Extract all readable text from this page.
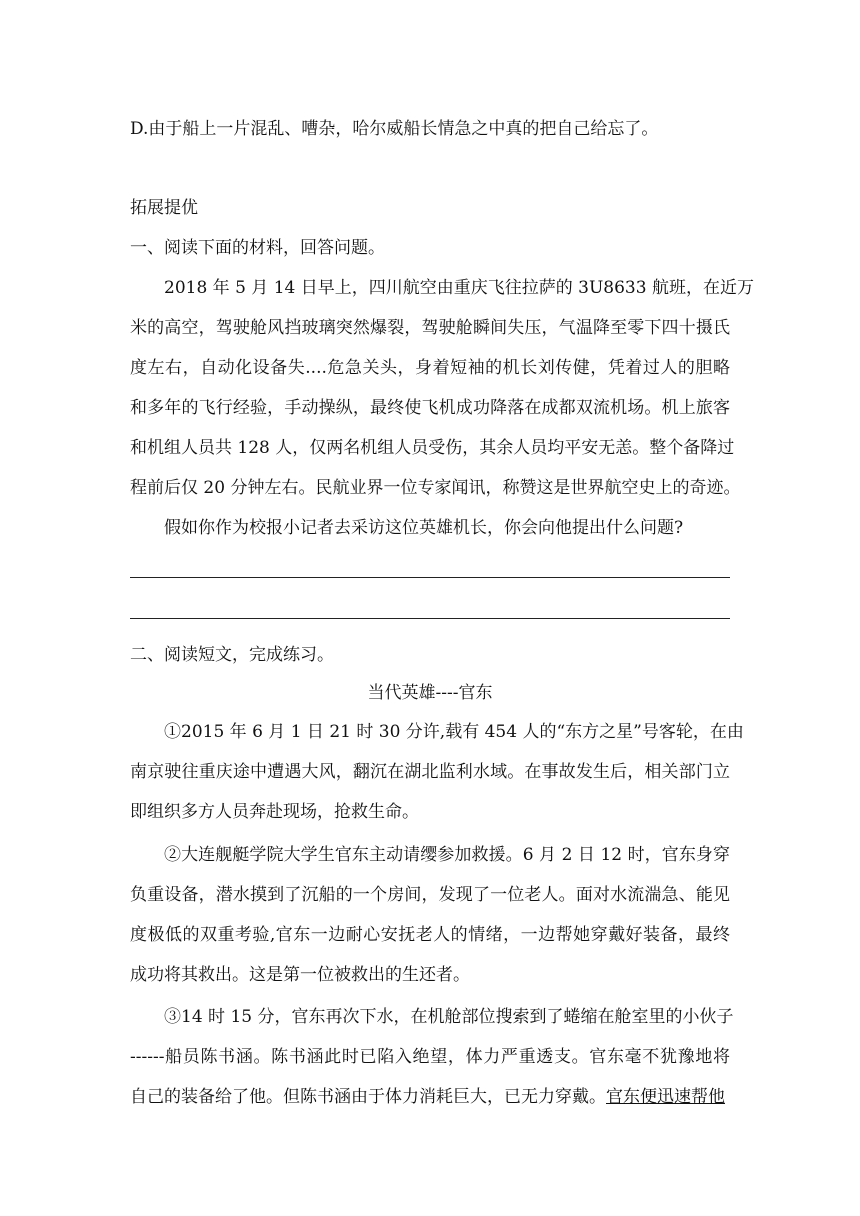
D.由于船上一片混乱、嘈杂，哈尔威船长情急之中真的把自己给忘了。
拓展提优
一、阅读下面的材料，回答问题。
2018 年 5 月 14 日早上，四川航空由重庆飞往拉萨的 3U8633 航班，在近万
米的高空，驾驶舱风挡玻璃突然爆裂，驾驶舱瞬间失压，气温降至零下四十摄氏
度左右，自动化设备失....危急关头，身着短袖的机长刘传健，凭着过人的胆略
和多年的飞行经验，手动操纵，最终使飞机成功降落在成都双流机场。机上旅客
和机组人员共 128 人，仅两名机组人员受伤，其余人员均平安无恙。整个备降过
程前后仅 20 分钟左右。民航业界一位专家闻讯，称赞这是世界航空史上的奇迹。
假如你作为校报小记者去采访这位英雄机长，你会向他提出什么问题?
二、阅读短文，完成练习。
当代英雄----官东
①2015 年 6 月 1 日 21 时 30 分许,载有 454 人的“东方之星”号客轮，在由
南京驶往重庆途中遭遇大风，翻沉在湖北监利水域。在事故发生后，相关部门立
即组织多方人员奔赴现场，抢救生命。
②大连舰艇学院大学生官东主动请缨参加救援。6 月 2 日 12 时，官东身穿
负重设备，潜水摸到了沉船的一个房间，发现了一位老人。面对水流湍急、能见
度极低的双重考验,官东一边耐心安抚老人的情绪，一边帮她穿戴好装备，最终
成功将其救出。这是第一位被救出的生还者。
③14 时 15 分，官东再次下水，在机舱部位搜索到了蜷缩在舱室里的小伙子
------船员陈书涵。陈书涵此时已陷入绝望，体力严重透支。官东毫不犹豫地将
自己的装备给了他。但陈书涵由于体力消耗巨大，已无力穿戴。官东便迅速帮他
